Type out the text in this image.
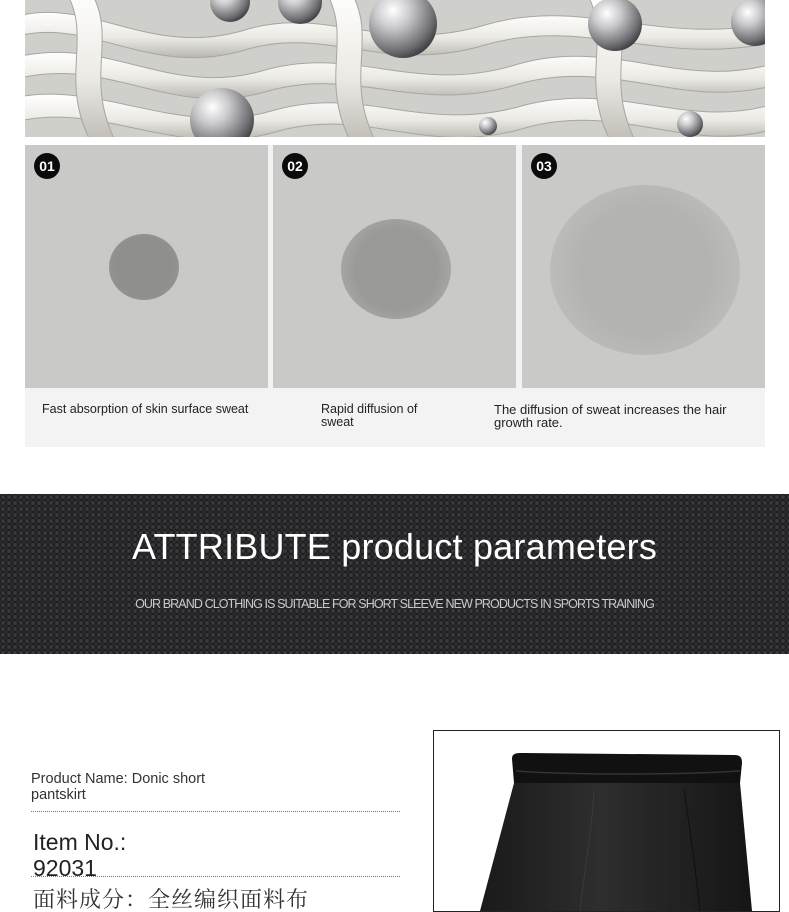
01	02	03
Fast absorption of skin surface sweat	Rapid diffusion of sweat
The diffusion of sweat increases the hair growth rate.
ATTRIBUTE product parameters
OUR BRAND CLOTHING IS SUITABLE FOR SHORT SLEEVE NEW PRODUCTS IN SPORTS TRAINING
Product Name: Donic short pantskirt
Item No.:
92031
面料成分：全丝编织面料布
